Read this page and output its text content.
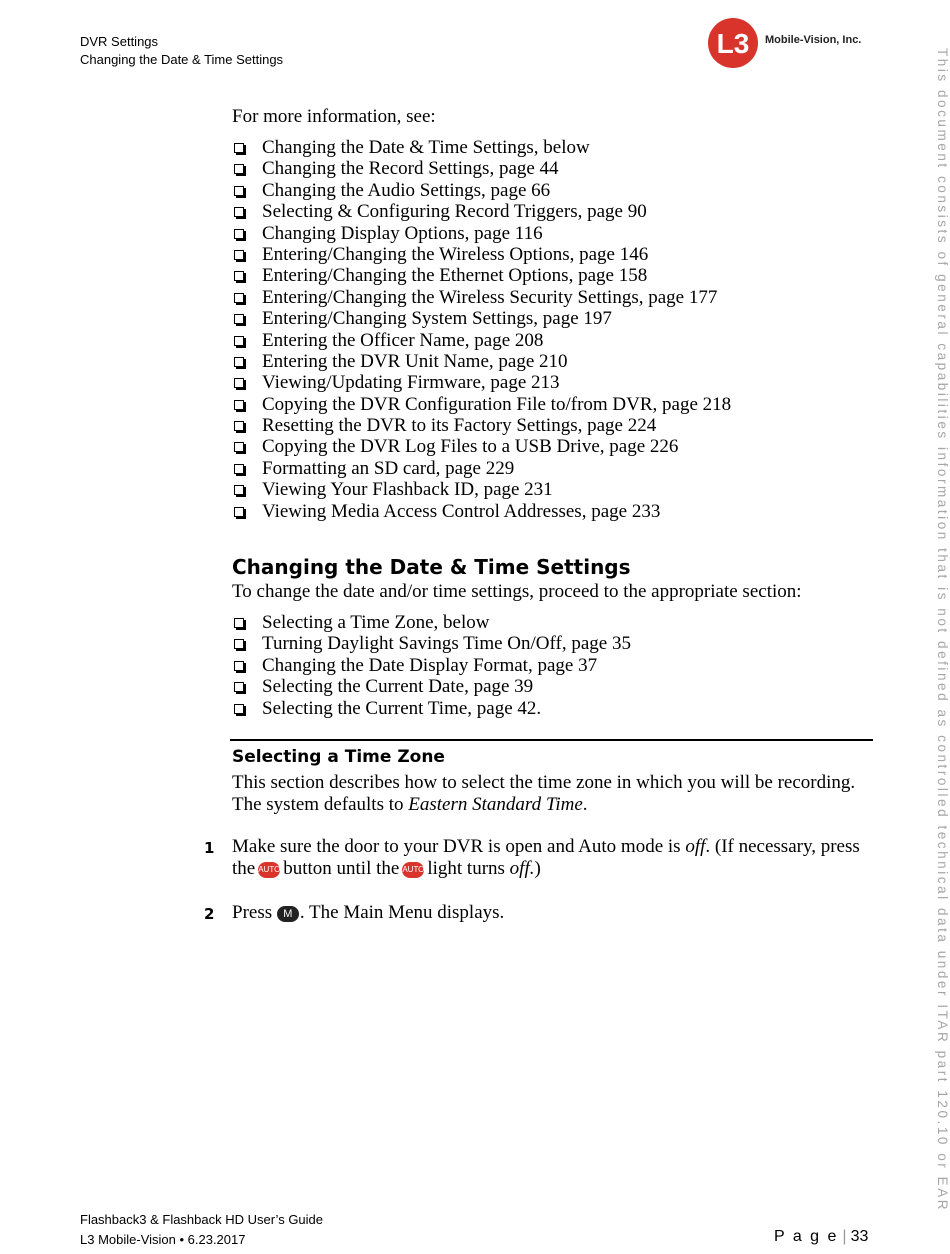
DVR Settings
Changing the Date & Time Settings
L3 Mobile-Vision, Inc.
This document consists of general capabilities information that is not defined as controlled technical data under ITAR part 120.10 or EAR
For more information, see:
Changing the Date & Time Settings, below
Changing the Record Settings, page 44
Changing the Audio Settings, page 66
Selecting & Configuring Record Triggers, page 90
Changing Display Options, page 116
Entering/Changing the Wireless Options, page 146
Entering/Changing the Ethernet Options, page 158
Entering/Changing the Wireless Security Settings, page 177
Entering/Changing System Settings, page 197
Entering the Officer Name, page 208
Entering the DVR Unit Name, page 210
Viewing/Updating Firmware, page 213
Copying the DVR Configuration File to/from DVR, page 218
Resetting the DVR to its Factory Settings, page 224
Copying the DVR Log Files to a USB Drive, page 226
Formatting an SD card, page 229
Viewing Your Flashback ID, page 231
Viewing Media Access Control Addresses, page 233
Changing the Date & Time Settings
To change the date and/or time settings, proceed to the appropriate section:
Selecting a Time Zone, below
Turning Daylight Savings Time On/Off, page 35
Changing the Date Display Format, page 37
Selecting the Current Date, page 39
Selecting the Current Time, page 42.
Selecting a Time Zone
This section describes how to select the time zone in which you will be recording.
The system defaults to Eastern Standard Time.
1 Make sure the door to your DVR is open and Auto mode is off. (If necessary, press
the AUTO button until the AUTO light turns off.)
2 Press M . The Main Menu displays.
Flashback3 & Flashback HD User’s Guide
L3 Mobile-Vision • 6.23.2017	P a g e | 33
